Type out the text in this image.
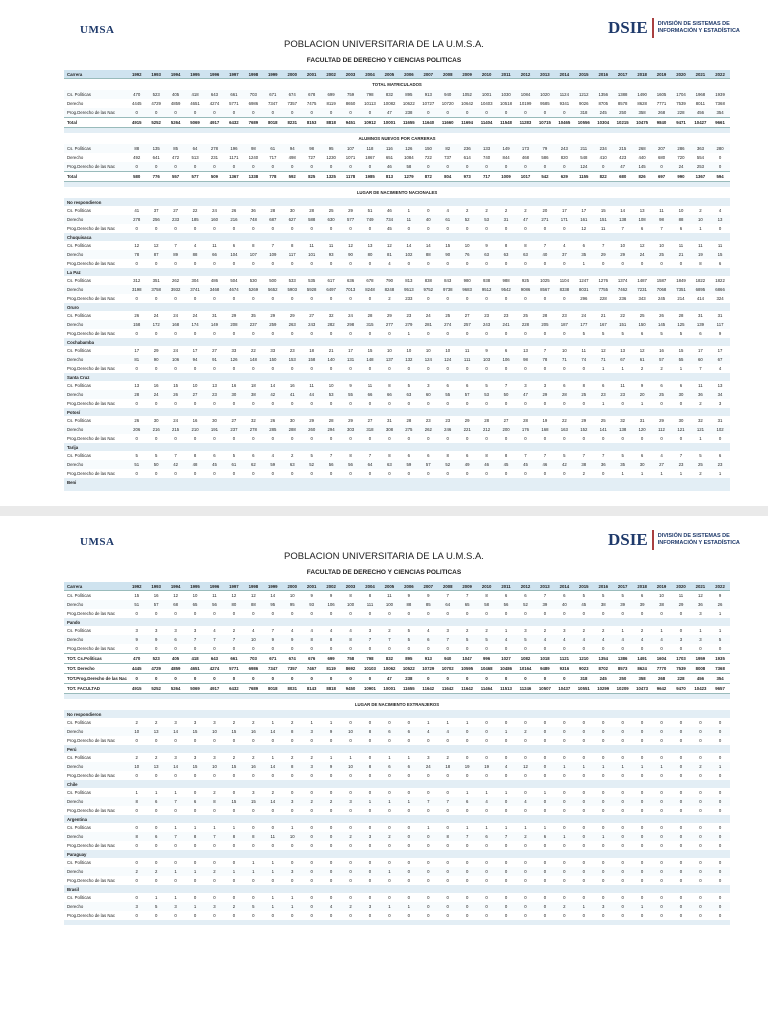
UMSA	DSIE DIVISIÓN DE SISTEMAS DE
INFORMACIÓN Y ESTADÍSTICA
POBLACION UNIVERSITARIA DE LA U.M.S.A.
FACULTAD DE DERECHO Y CIENCIAS POLITICAS
Carrera	1992	1993	1994	1995	1996	1997	1998	1999	2000	2001	2002	2003	2004	2005	2006	2007	2008	2009	2010	2011	2012	2013	2014	2015	2016	2017	2018	2019	2020	2021	2022
TOTAL MATRICULADOS																															
Cs. Políticas	470	523	405	418	643	661	703	671	674	678	699	759	798	832	895	913	940	1052	1001	1030	1084	1020	1124	1212	1356	1388	1490	1605	1704	1968	1939
Derecho	4445	4729	4859	4651	4274	5771	6986	7347	7357	7475	8119	8650	10113	10082	10622	10727	10720	10642	10403	10518	10199	9585	9341	9026	8705	8578	8628	7771	7539	8011	7368
Prog.Derecho de las Nac	0	0	0	0	0	0	0	0	0	0	0	0	0	47	238	0	0	0	0	0	0	0	0	318	245	250	358	268	228	456	354
Total	4915	5252	5264	5069	4917	6432	7689	8018	8231	8153	8818	9451	10912	10001	11655	11640	11660	11694	11404	11548	11283	10715	10465	10556	10304	10215	10475	9840	9471	10427	9661

ALUMNOS NUEVOS POR CARRERAS																															
Cs. Políticas	88	135	85	64	278	196	98	61	94	98	95	107	118	116	126	150	82	236	133	149	173	79	243	211	234	215	268	207	286	363	280
Derecho	492	641	472	513	231	1171	1240	717	498	727	1230	1071	1867	651	1084	722	737	614	740	844	468	586	820	548	410	423	440	680	720	554	0
Prog.Derecho de las Nac	0	0	0	0	0	0	0	0	0	0	0	0	0	46	58	0	0	0	0	0	0	0	0	124	0	47	145	0	24	253	0
Total	580	776	557	577	509	1367	1338	778	592	825	1325	1178	1985	813	1279	872	804	973	717	1009	1017	542	629	1155	822	680	826	697	990	1367	594

LUGAR DE NACIMIENTO NACIONALES																															
No respondieron																															
Cs. Políticas	41	37	27	22	24	26	36	28	30	28	25	29	51	46	1	0	4	2	2	2	2	20	17	17	15	14	13	11	10	2	4
Derecho	278	256	233	185	160	216	748	687	627	588	630	577	749	734	11	40	61	52	53	31	47	271	171	161	151	138	108	98	88	10	13
Prog.Derecho de las Nac	0	0	0	0	0	0	0	0	0	0	0	0	0	45	0	0	0	0	0	0	0	0	0	12	11	7	6	7	6	1	0
Chuquisaca																															
Cs. Políticas	12	12	7	4	11	6	8	7	8	11	11	12	13	12	14	14	15	10	9	8	8	7	4	6	7	10	12	10	11	11	11
Derecho	78	87	89	88	66	104	107	109	117	101	93	90	80	81	102	88	90	76	63	63	63	40	37	35	29	29	24	25	21	19	15
Prog.Derecho de las Nac	0	0	0	0	0	0	0	0	0	0	0	0	0	4	0	0	0	0	0	0	0	0	0	1	0	0	0	0	0	8	6
La Paz																															
Cs. Políticas	312	351	262	304	486	504	530	500	533	535	617	636	678	790	813	838	843	980	938	988	925	1025	1104	1247	1276	1374	1487	1587	1849	1822	1822
Derecho	3198	3758	3932	3741	3468	4674	5269	5652	5903	5928	6497	7013	8248	8248	9513	9752	9738	9683	9512	9542	9086	8567	8338	8031	7755	7462	7231	7068	7351	6895	6866
Prog.Derecho de las Nac	0	0	0	0	0	0	0	0	0	0	0	0	0	2	233	0	0	0	0	0	0	0	0	296	228	236	343	245	214	414	324
Oruro																															
Cs. Políticas	26	24	24	24	31	29	35	29	29	27	32	24	28	29	23	24	25	27	23	23	25	28	23	24	21	22	25	26	28	31	31
Derecho	158	172	168	174	149	208	237	259	263	243	282	298	315	277	279	281	274	257	243	241	228	205	187	177	167	151	150	145	125	139	117
Prog.Derecho de las Nac	0	0	0	0	0	0	0	0	0	0	0	0	0	0	1	0	0	0	0	0	0	0	0	5	5	5	6	5	5	6	9
Cochabamba																															
Cs. Políticas	17	29	24	17	27	33	22	33	23	18	21	17	15	10	10	10	10	11	9	6	13	7	10	11	12	13	12	16	15	17	17
Derecho	81	90	106	94	91	126	148	150	153	158	140	131	148	137	132	124	124	111	103	106	98	78	71	74	71	67	61	57	55	60	67
Prog.Derecho de las Nac	0	0	0	0	0	0	0	0	0	0	0	0	0	0	0	0	0	0	0	0	0	0	0	0	1	1	2	2	1	7	4
Santa Cruz																															
Cs. Políticas	13	16	15	10	13	16	18	14	16	11	10	9	11	8	5	3	6	6	5	7	3	3	6	8	6	11	9	6	6	11	13
Derecho	28	24	26	27	23	30	38	42	41	44	53	55	66	66	63	60	55	57	53	50	47	29	28	25	23	23	20	25	30	36	34
Prog.Derecho de las Nac	0	0	0	0	0	0	0	0	0	0	0	0	0	0	0	0	0	0	0	0	0	0	0	0	1	0	1	0	0	2	3
Potosí																															
Cs. Políticas	26	30	24	16	30	27	32	26	30	29	28	29	27	31	28	23	23	29	28	27	28	19	22	29	25	32	31	29	30	32	31
Derecho	206	216	215	210	191	237	278	285	288	260	294	303	318	308	275	262	246	221	212	200	176	168	163	152	141	138	120	112	121	121	102
Prog.Derecho de las Nac	0	0	0	0	0	0	0	0	0	0	0	0	0	0	0	0	0	0	0	0	0	0	0	0	0	0	0	0	0	1	0
Tarija																															
Cs. Políticas	5	5	7	8	6	5	6	4	2	5	7	8	7	8	6	6	8	6	8	8	7	7	5	7	7	5	6	4	7	5	6
Derecho	51	50	42	48	45	61	62	59	63	52	56	56	64	63	59	57	52	49	46	45	45	46	42	38	36	35	30	27	23	25	23
Prog.Derecho de las Nac	0	0	0	0	0	0	0	0	0	0	0	0	0	0	0	0	0	0	0	0	0	0	0	2	0	1	1	1	1	2	1
Beni																															

UMSA	DSIE DIVISIÓN DE SISTEMAS DE
INFORMACIÓN Y ESTADÍSTICA
POBLACION UNIVERSITARIA DE LA U.M.S.A.
FACULTAD DE DERECHO Y CIENCIAS POLITICAS
Carrera	1992	1993	1994	1995	1996	1997	1998	1999	2000	2001	2002	2003	2004	2005	2006	2007	2008	2009	2010	2011	2012	2013	2014	2015	2016	2017	2018	2019	2020	2021	2022
Cs. Políticas	15	16	12	10	11	12	12	14	10	9	9	8	8	11	9	9	7	7	8	6	6	7	6	5	5	5	6	10	11	12	9
Derecho	51	57	68	65	56	80	88	95	95	93	106	100	111	100	88	85	64	65	58	56	52	39	40	45	38	39	39	38	29	36	26
Prog.Derecho de las Nac	0	0	0	0	0	0	0	0	0	0	0	0	0	0	0	0	0	0	0	0	0	0	0	0	0	0	0	0	0	3	1
Pando																															
Cs. Políticas	3	3	3	3	4	2	4	7	4	4	4	4	3	2	5	4	3	2	2	1	3	2	3	2	2	1	2	1	0	1	1
Derecho	9	9	6	7	7	7	10	9	9	8	8	8	7	7	5	6	7	5	5	4	5	4	4	4	4	4	4	4	3	3	5
Prog.Derecho de las Nac	0	0	0	0	0	0	0	0	0	0	0	0	0	0	0	0	0	0	0	0	0	0	0	0	0	0	0	0	0	0	0
TOT. Cs.Políticas	470	523	405	418	643	661	703	671	674	676	699	758	798	832	895	913	940	1047	996	1027	1082	1018	1121	1210	1354	1386	1491	1604	1703	1959	1935
TOT. Derecho	4445	4729	4859	4651	4274	5771	6986	7347	7357	7467	8119	8692	10103	10062	10522	10729	10702	10595	10468	10486	10164	9489	9316	9023	8702	8573	8624	7770	7539	8008	7368
TOT.Prog.Derecho de las Nac	0	0	0	0	0	0	0	0	0	0	0	0	0	47	238	0	0	0	0	0	0	0	0	318	245	250	358	268	228	456	354
TOT. FACULTAD	4915	5252	5264	5069	4917	6432	7689	8018	8031	8143	8818	9450	10901	10001	11655	11642	11642	11642	11464	11513	11246	10507	10437	10551	10299	10209	10473	9642	9470	10423	9657

LUGAR DE NACIMIENTO EXTRANJEROS																															
No respondieron																															
Cs. Políticas	2	2	3	3	3	2	2	1	2	1	1	0	0	0	0	1	1	1	0	0	0	0	0	0	0	0	0	0	0	0	0
Derecho	10	13	14	15	10	15	16	14	8	3	9	10	8	6	6	4	4	0	0	1	2	0	0	0	0	0	0	0	0	0	0
Prog.Derecho de las Nac	0	0	0	0	0	0	0	0	0	0	0	0	0	0	0	0	0	0	0	0	0	0	0	0	0	0	0	0	0	0	0
Perú																															
Cs. Políticas	2	2	3	3	3	2	2	1	2	2	1	1	0	1	1	3	2	0	0	0	0	0	0	0	0	0	0	0	0	0	0
Derecho	10	13	14	15	10	15	16	14	8	3	9	10	8	6	6	24	18	19	19	4	12	0	1	1	1	1	1	1	0	2	1
Prog.Derecho de las Nac	0	0	0	0	0	0	0	0	0	0	0	0	0	0	0	0	0	0	0	0	0	0	0	0	0	0	0	0	0	0	0
Chile																															
Cs. Políticas	1	1	1	0	2	0	3	2	0	0	0	0	0	0	0	0	0	1	1	1	0	1	0	0	0	0	0	0	0	0	0
Derecho	8	6	7	6	8	15	15	14	3	2	2	3	1	1	1	7	7	6	4	0	4	0	0	0	0	0	0	0	0	0	0
Prog.Derecho de las Nac	0	0	0	0	0	0	0	0	0	0	0	0	0	0	0	0	0	0	0	0	0	0	0	0	0	0	0	0	0	0	0
Argentina																															
Cs. Políticas	0	0	1	1	1	1	0	0	1	0	0	0	0	0	0	1	0	1	1	1	1	1	0	0	0	0	0	0	0	0	0
Derecho	8	6	7	8	7	8	8	11	10	0	0	2	3	2	0	0	8	7	6	7	2	6	1	0	1	0	0	0	0	0	0
Prog.Derecho de las Nac	0	0	0	0	0	0	0	0	0	0	0	0	0	0	0	0	0	0	0	0	0	0	0	0	0	0	0	0	0	0	0
Paraguay																															
Cs. Políticas	0	0	0	0	0	0	1	1	0	0	0	0	0	0	0	0	0	0	0	0	0	0	0	0	0	0	0	0	0	0	0
Derecho	2	2	1	1	2	1	1	1	3	0	0	0	0	1	0	0	0	0	0	0	0	0	0	0	0	0	0	0	0	0	0
Prog.Derecho de las Nac	0	0	0	0	0	0	0	0	0	0	0	0	0	0	0	0	0	0	0	0	0	0	0	0	0	0	0	0	0	0	0
Brasil																															
Cs. Políticas	0	1	1	0	0	0	0	1	1	0	0	0	0	0	0	0	0	0	0	0	0	0	0	0	0	0	0	0	0	0	0
Derecho	3	5	3	1	3	2	5	1	1	0	4	2	3	1	1	0	0	0	0	0	0	0	2	1	3	0	1	0	0	0	0
Prog.Derecho de las Nac	0	0	0	0	0	0	0	0	0	0	0	0	0	0	0	0	0	0	0	0	0	0	0	0	0	0	0	0	0	0	0
